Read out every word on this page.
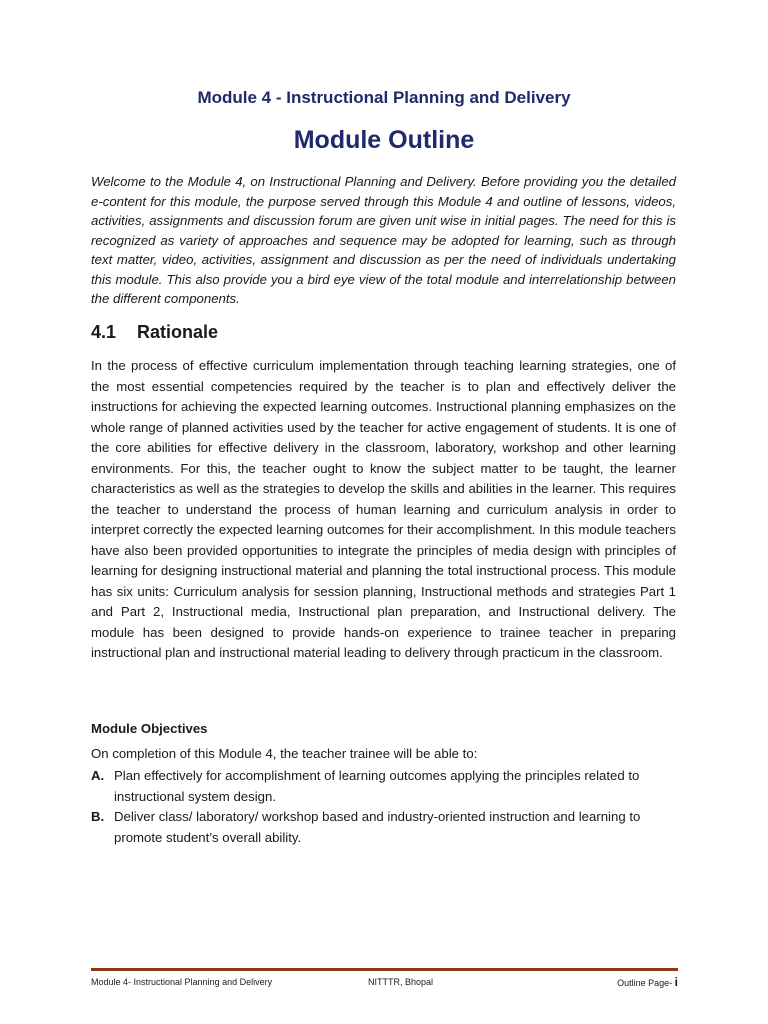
Module 4 - Instructional Planning and Delivery
Module Outline

Welcome to the Module 4, on Instructional Planning and Delivery. Before providing you the detailed e-content for this module, the purpose served through this Module 4 and outline of lessons, videos, activities, assignments and discussion forum are given unit wise in initial pages. The need for this is recognized as variety of approaches and sequence may be adopted for learning, such as through text matter, video, activities, assignment and discussion as per the need of individuals undertaking this module. This also provide you a bird eye view of the total module and interrelationship between the different components.

4.1 Rationale

In the process of effective curriculum implementation through teaching learning strategies, one of the most essential competencies required by the teacher is to plan and effectively deliver the instructions for achieving the expected learning outcomes. Instructional planning emphasizes on the whole range of planned activities used by the teacher for active engagement of students. It is one of the core abilities for effective delivery in the classroom, laboratory, workshop and other learning environments. For this, the teacher ought to know the subject matter to be taught, the learner characteristics as well as the strategies to develop the skills and abilities in the learner. This requires the teacher to understand the process of human learning and curriculum analysis in order to interpret correctly the expected learning outcomes for their accomplishment. In this module teachers have also been provided opportunities to integrate the principles of media design with principles of learning for designing instructional material and planning the total instructional process. This module has six units: Curriculum analysis for session planning, Instructional methods and strategies Part 1 and Part 2, Instructional media, Instructional plan preparation, and Instructional delivery. The module has been designed to provide hands-on experience to trainee teacher in preparing instructional plan and instructional material leading to delivery through practicum in the classroom.

Module Objectives

On completion of this Module 4, the teacher trainee will be able to:

A. Plan effectively for accomplishment of learning outcomes applying the principles related to instructional system design.
B. Deliver class/ laboratory/ workshop based and industry-oriented instruction and learning to promote student’s overall ability.
Module 4- Instructional Planning and Delivery	NITTTR, Bhopal	Outline Page- i
